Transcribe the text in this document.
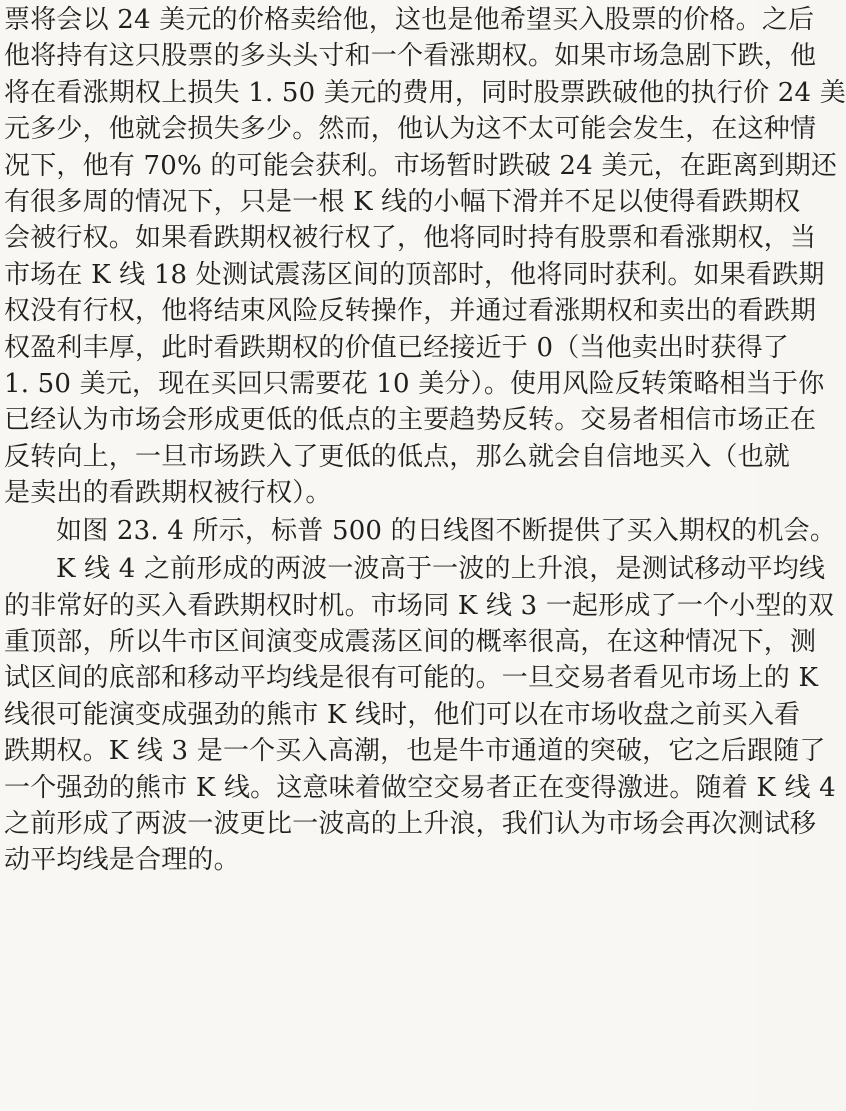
票将会以 24 美元的价格卖给他，这也是他希望买入股票的价格。之后
他将持有这只股票的多头头寸和一个看涨期权。如果市场急剧下跌，他
将在看涨期权上损失 1. 50 美元的费用，同时股票跌破他的执行价 24 美
元多少，他就会损失多少。然而，他认为这不太可能会发生，在这种情
况下，他有 70% 的可能会获利。市场暂时跌破 24 美元，在距离到期还
有很多周的情况下，只是一根 K 线的小幅下滑并不足以使得看跌期权
会被行权。如果看跌期权被行权了，他将同时持有股票和看涨期权，当
市场在 K 线 18 处测试震荡区间的顶部时，他将同时获利。如果看跌期
权没有行权，他将结束风险反转操作，并通过看涨期权和卖出的看跌期
权盈利丰厚，此时看跌期权的价值已经接近于 0（当他卖出时获得了
1. 50 美元，现在买回只需要花 10 美分）。使用风险反转策略相当于你
已经认为市场会形成更低的低点的主要趋势反转。交易者相信市场正在
反转向上，一旦市场跌入了更低的低点，那么就会自信地买入（也就
是卖出的看跌期权被行权）。
如图 23. 4 所示，标普 500 的日线图不断提供了买入期权的机会。
K 线 4 之前形成的两波一波高于一波的上升浪，是测试移动平均线
的非常好的买入看跌期权时机。市场同 K 线 3 一起形成了一个小型的双
重顶部，所以牛市区间演变成震荡区间的概率很高，在这种情况下，测
试区间的底部和移动平均线是很有可能的。一旦交易者看见市场上的 K
线很可能演变成强劲的熊市 K 线时，他们可以在市场收盘之前买入看
跌期权。K 线 3 是一个买入高潮，也是牛市通道的突破，它之后跟随了
一个强劲的熊市 K 线。这意味着做空交易者正在变得激进。随着 K 线 4
之前形成了两波一波更比一波高的上升浪，我们认为市场会再次测试移
动平均线是合理的。
